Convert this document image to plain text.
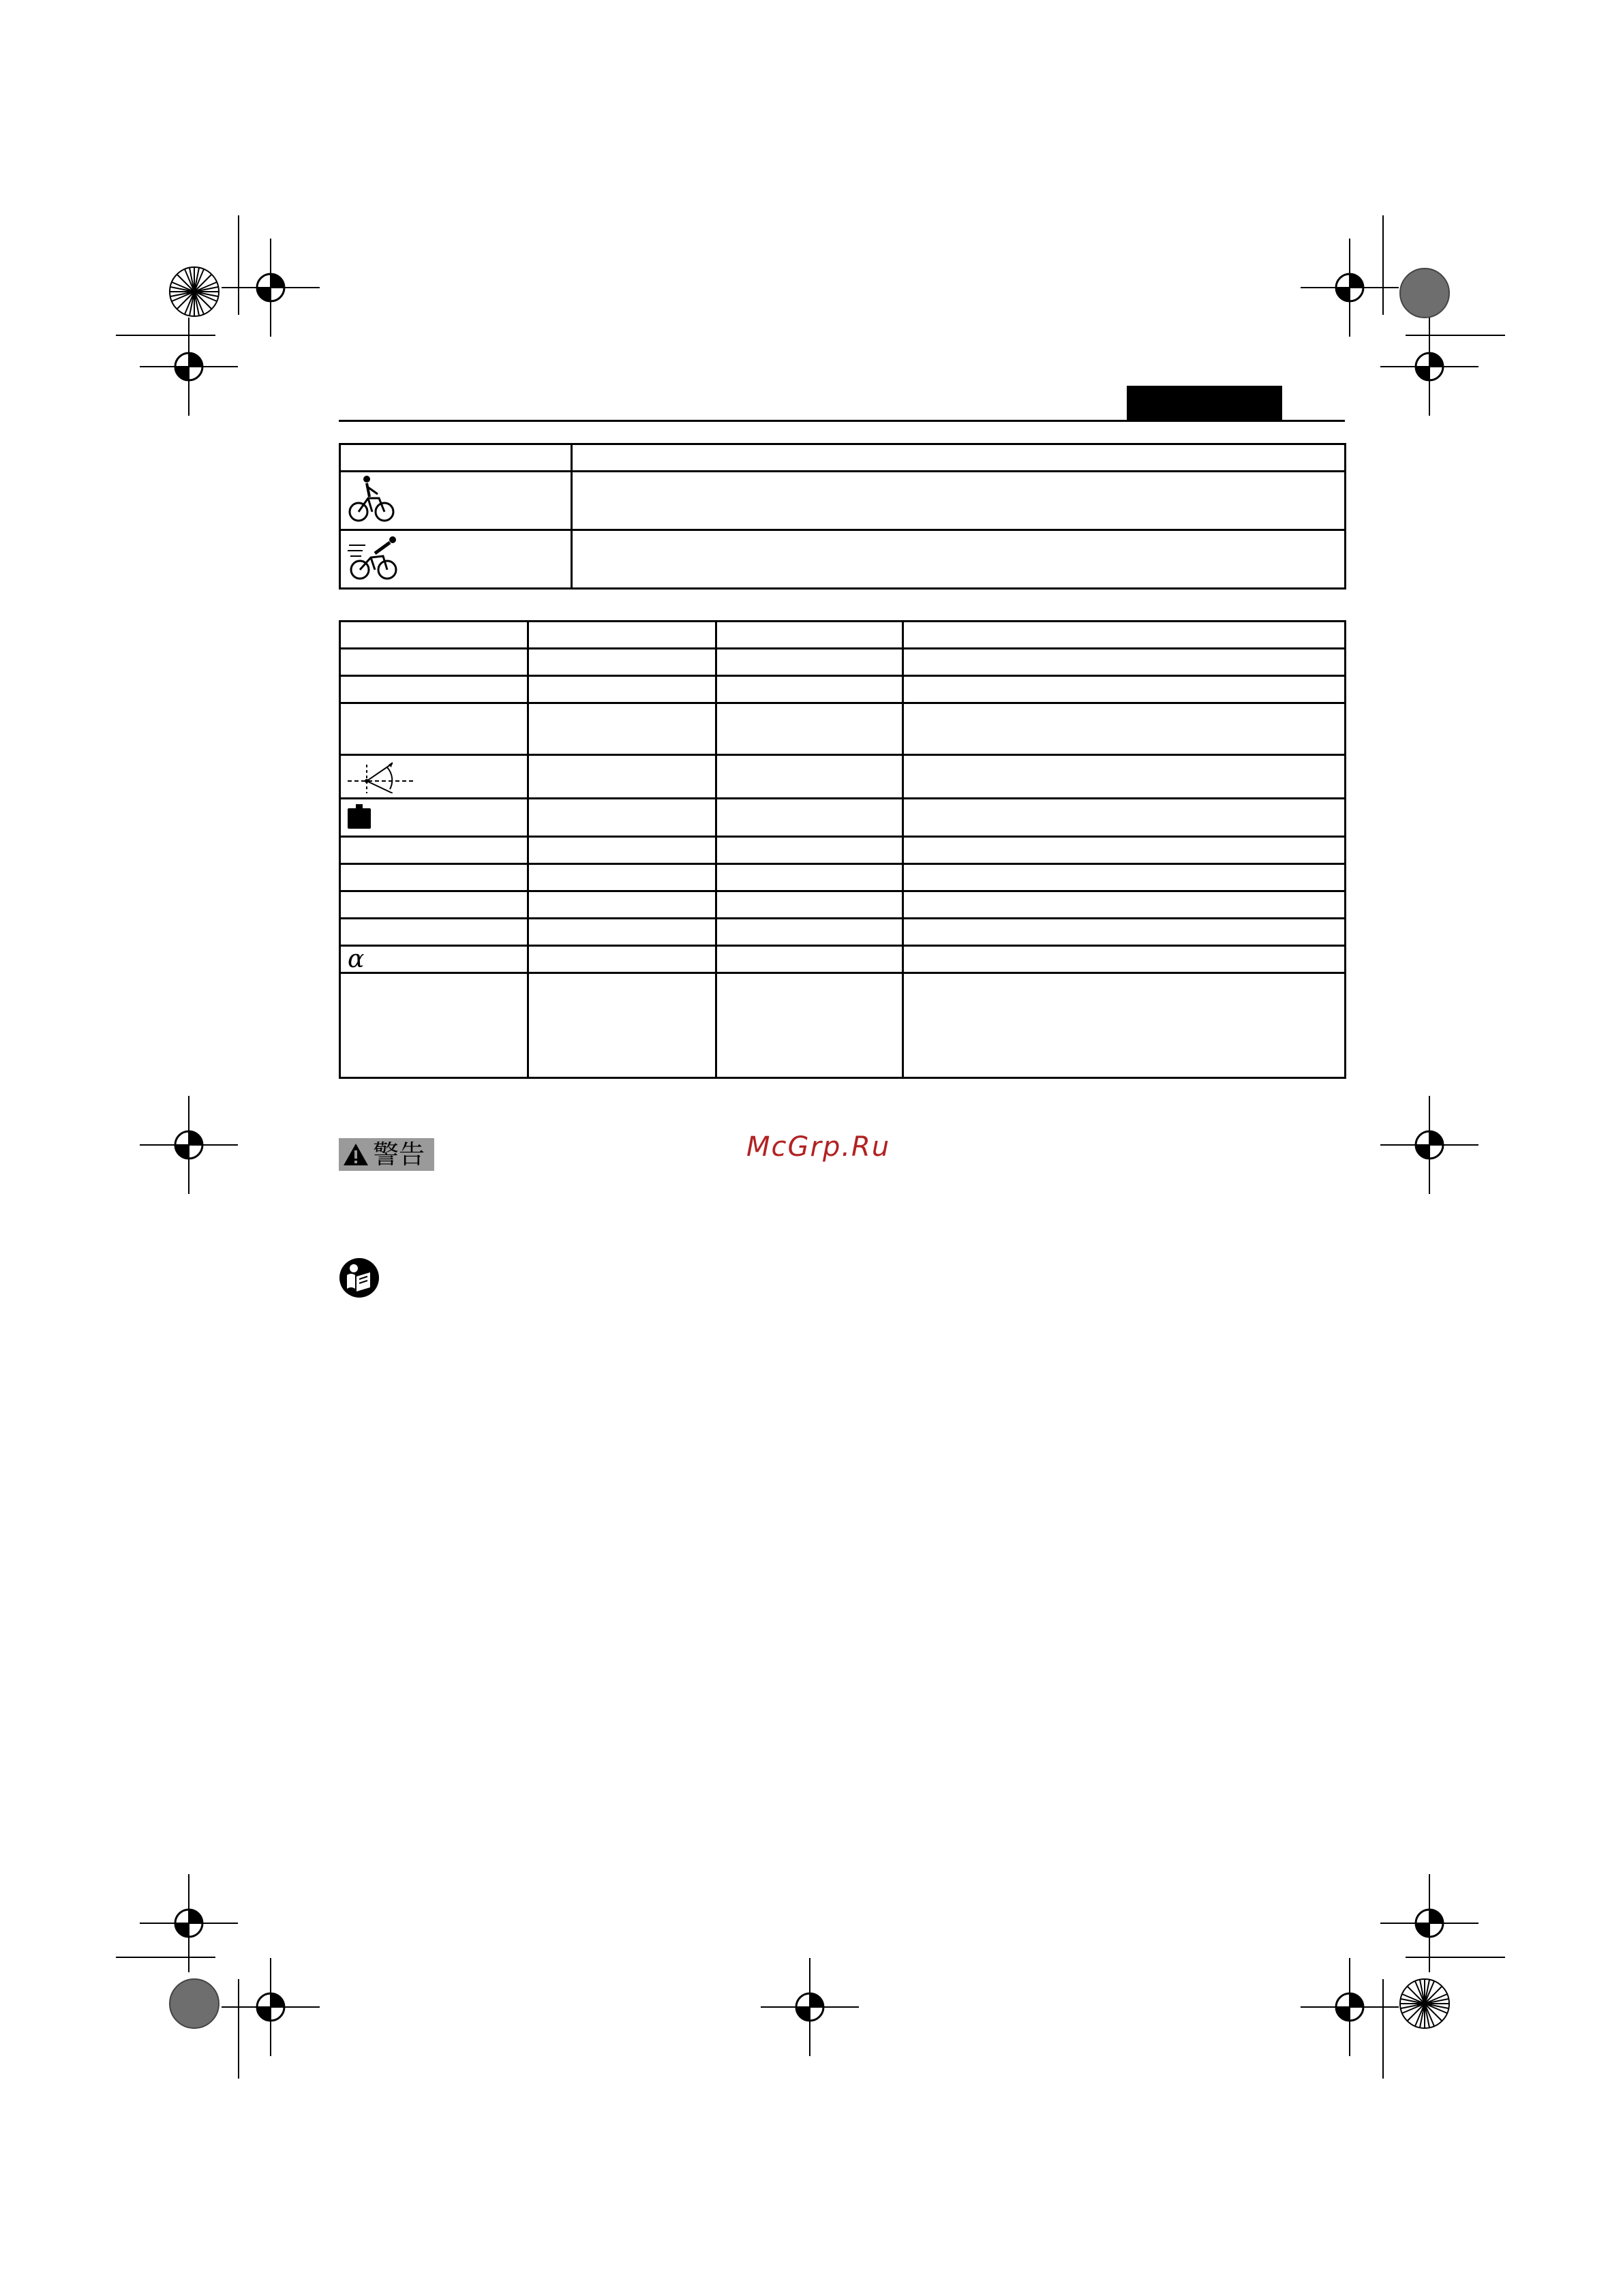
α			

警告	McGrp.Ru
